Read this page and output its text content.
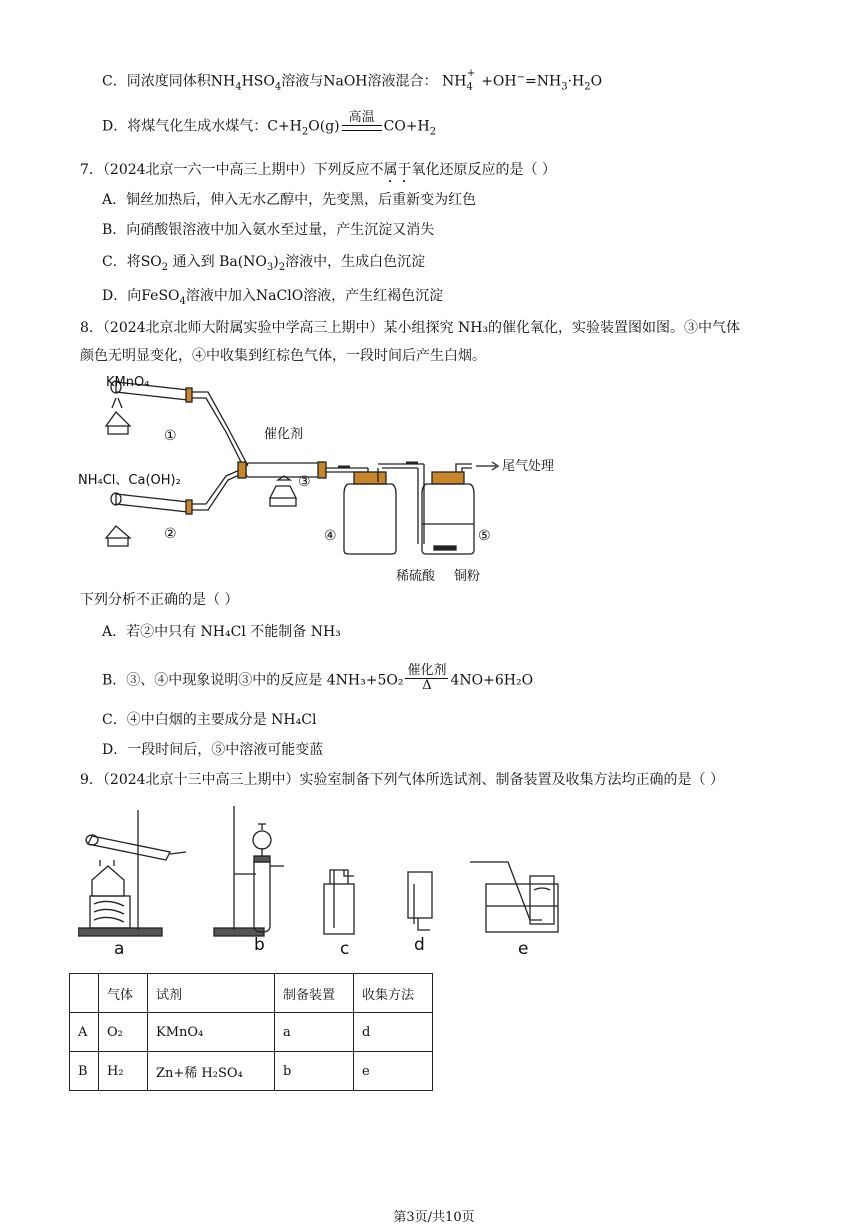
C．同浓度同体积$NH_4HSO_4$溶液与NaOH溶液混合： $NH_4^++OH^-=NH_3\cdot H_2O$
D．将煤气化生成水煤气：$C+H_2O(g)$
高温
$CO+H_2$
7．（2024北京一六一中高三上期中）下列反应不属于氧化还原反应的是（ ）
A．铜丝加热后，伸入无水乙醇中，先变黑，后重新变为红色
B．向硝酸银溶液中加入氨水至过量，产生沉淀又消失
C．将$SO_2$ 通入到 $Ba(NO_3)_2$溶液中，生成白色沉淀
D．向FeSO$_4$溶液中加入NaClO溶液，产生红褐色沉淀
8．（2024北京北师大附属实验中学高三上期中）某小组探究 NH₃的催化氧化，实验装置图如图。③中气体
颜色无明显变化，④中收集到红棕色气体，一段时间后产生白烟。
KMnO₄
NH₄Cl、Ca(OH)₂
催化剂
尾气处理
稀硫酸 铜粉
①
②
③
④	⑤
下列分析不正确的是（ ）
A．若②中只有 NH₄Cl 不能制备 NH₃
B．③、④中现象说明③中的反应是 $4NH_3+5O_2 \frac{\text{催化剂}}{\Delta} 4NO+6H_2O$
C．④中白烟的主要成分是 NH₄Cl
D．一段时间后，⑤中溶液可能变蓝
9．（2024北京十三中高三上期中）实验室制备下列气体所选试剂、制备装置及收集方法均正确的是（ ）
a	b	c	d	e
	气体	试剂	制备装置	收集方法
A	O₂	KMnO₄	a	d
B	H₂	Zn+稀 H₂SO₄	b	e
第3页/共10页
